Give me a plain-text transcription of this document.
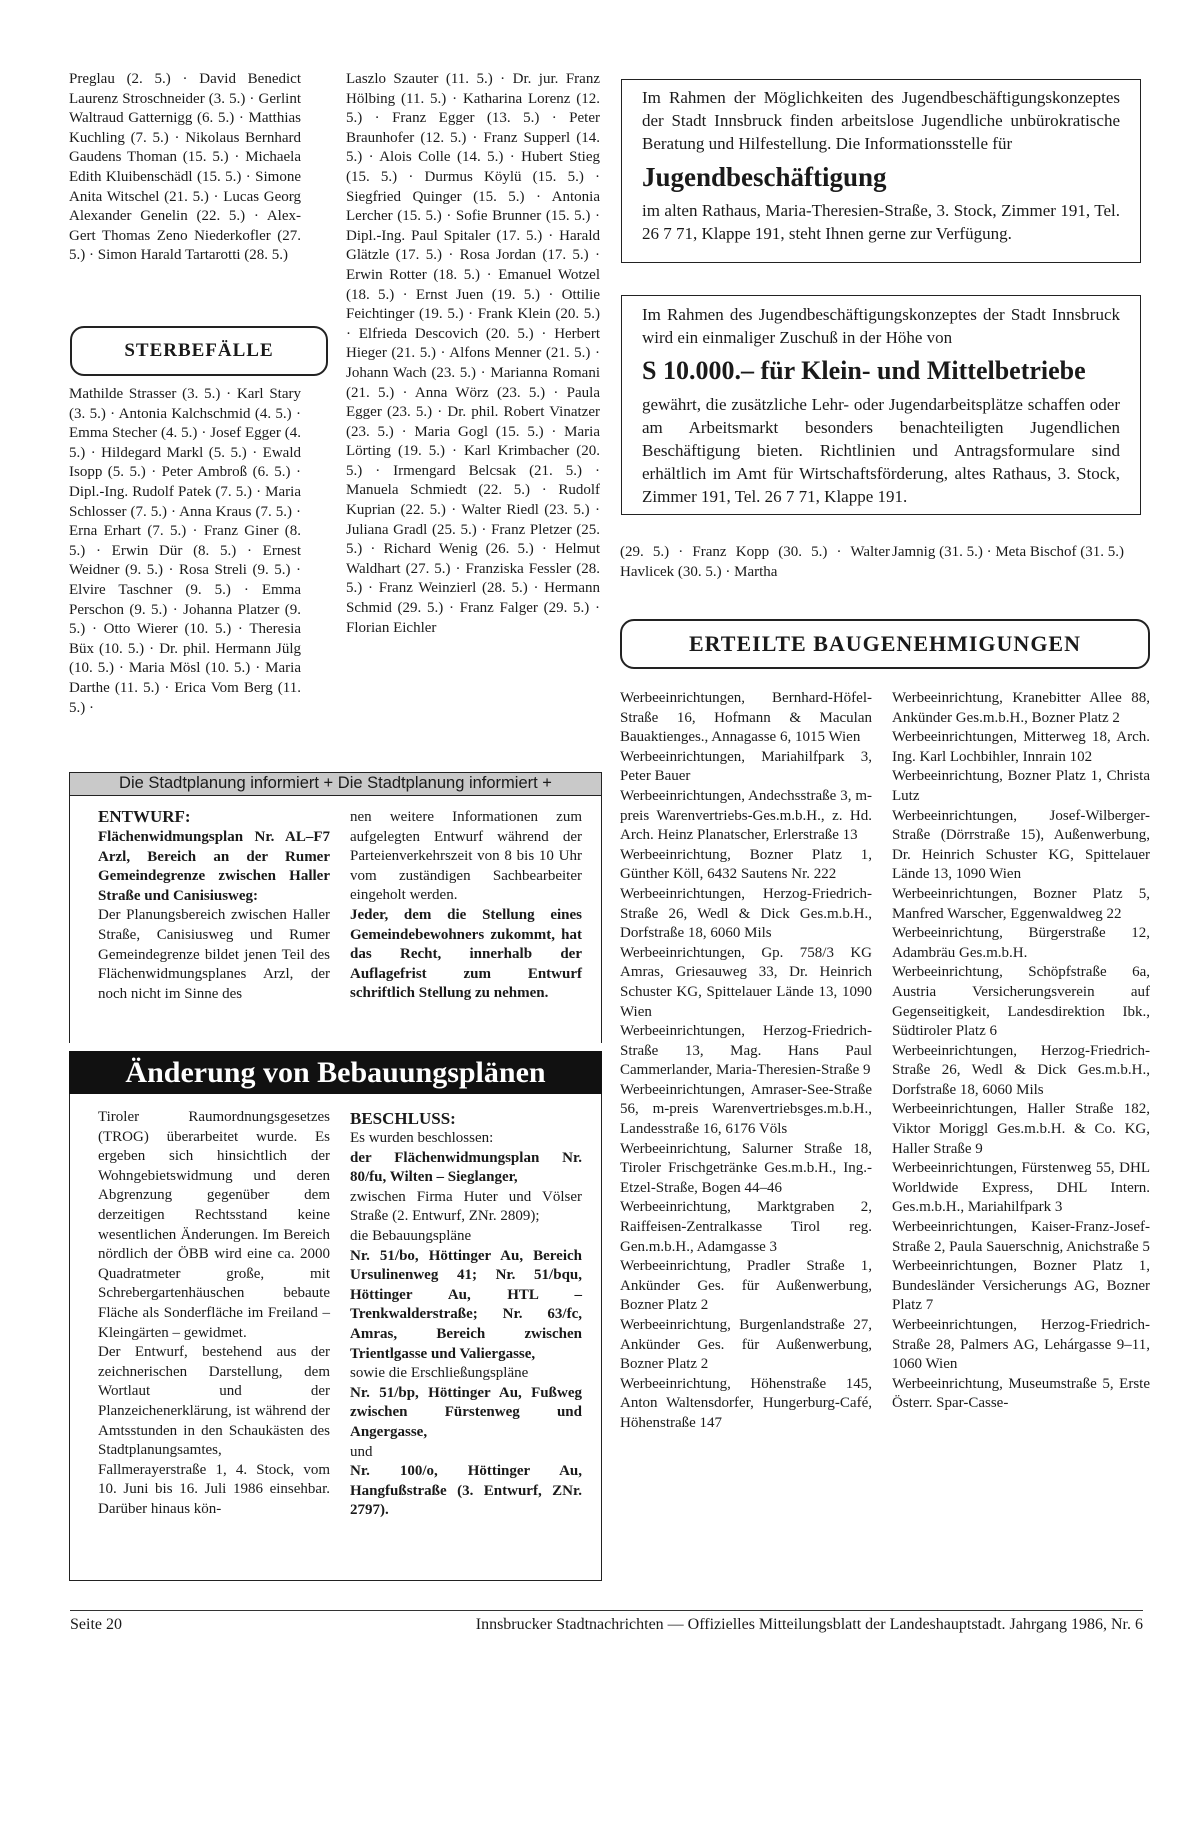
Preglau (2. 5.) · David Benedict Laurenz Stroschneider (3. 5.) · Gerlint Waltraud Gatternigg (6. 5.) · Matthias Kuchling (7. 5.) · Nikolaus Bernhard Gaudens Thoman (15. 5.) · Michaela Edith Kluibenschädl (15. 5.) · Simone Anita Witschel (21. 5.) · Lucas Georg Alexander Genelin (22. 5.) · Alex-Gert Thomas Zeno Niederkofler (27. 5.) · Simon Harald Tartarotti (28. 5.)

STERBEFÄLLE

Mathilde Strasser (3. 5.) · Karl Stary (3. 5.) · Antonia Kalchschmid (4. 5.) · Emma Stecher (4. 5.) · Josef Egger (4. 5.) · Hildegard Markl (5. 5.) · Ewald Isopp (5. 5.) · Peter Ambroß (6. 5.) · Dipl.-Ing. Rudolf Patek (7. 5.) · Maria Schlosser (7. 5.) · Anna Kraus (7. 5.) · Erna Erhart (7. 5.) · Franz Giner (8. 5.) · Erwin Dür (8. 5.) · Ernest Weidner (9. 5.) · Rosa Streli (9. 5.) · Elvire Taschner (9. 5.) · Emma Perschon (9. 5.) · Johanna Platzer (9. 5.) · Otto Wierer (10. 5.) · Theresia Büx (10. 5.) · Dr. phil. Hermann Jülg (10. 5.) · Maria Mösl (10. 5.) · Maria Darthe (11. 5.) · Erica Vom Berg (11. 5.) ·

Laszlo Szauter (11. 5.) · Dr. jur. Franz Hölbing (11. 5.) · Katharina Lorenz (12. 5.) · Franz Egger (13. 5.) · Peter Braunhofer (12. 5.) · Franz Supperl (14. 5.) · Alois Colle (14. 5.) · Hubert Stieg (15. 5.) · Durmus Köylü (15. 5.) · Siegfried Quinger (15. 5.) · Antonia Lercher (15. 5.) · Sofie Brunner (15. 5.) · Dipl.-Ing. Paul Spitaler (17. 5.) · Harald Glätzle (17. 5.) · Rosa Jordan (17. 5.) · Erwin Rotter (18. 5.) · Emanuel Wotzel (18. 5.) · Ernst Juen (19. 5.) · Ottilie Feichtinger (19. 5.) · Frank Klein (20. 5.) · Elfrieda Descovich (20. 5.) · Herbert Hieger (21. 5.) · Alfons Menner (21. 5.) · Johann Wach (23. 5.) · Marianna Romani (21. 5.) · Anna Wörz (23. 5.) · Paula Egger (23. 5.) · Dr. phil. Robert Vinatzer (23. 5.) · Maria Gogl (15. 5.) · Maria Lörting (19. 5.) · Karl Krimbacher (20. 5.) · Irmengard Belcsak (21. 5.) · Manuela Schmiedt (22. 5.) · Rudolf Kuprian (22. 5.) · Walter Riedl (23. 5.) · Juliana Gradl (25. 5.) · Franz Pletzer (25. 5.) · Richard Wenig (26. 5.) · Helmut Waldhart (27. 5.) · Franziska Fessler (28. 5.) · Franz Weinzierl (28. 5.) · Hermann Schmid (29. 5.) · Franz Falger (29. 5.) · Florian Eichler

Im Rahmen der Möglichkeiten des Jugendbeschäftigungskonzeptes der Stadt Innsbruck finden arbeitslose Jugendliche unbürokratische Beratung und Hilfestellung. Die Informationsstelle für

Jugendbeschäftigung

im alten Rathaus, Maria-Theresien-Straße, 3. Stock, Zimmer 191, Tel. 26 7 71, Klappe 191, steht Ihnen gerne zur Verfügung.

Im Rahmen des Jugendbeschäftigungskonzeptes der Stadt Innsbruck wird ein einmaliger Zuschuß in der Höhe von

S 10.000.– für Klein- und Mittelbetriebe

gewährt, die zusätzliche Lehr- oder Jugendarbeitsplätze schaffen oder am Arbeitsmarkt besonders benachteiligten Jugendlichen Beschäftigung bieten. Richtlinien und Antragsformulare sind erhältlich im Amt für Wirtschaftsförderung, altes Rathaus, 3. Stock, Zimmer 191, Tel. 26 7 71, Klappe 191.

(29. 5.) · Franz Kopp (30. 5.) · Walter Havlicek (30. 5.) · Martha

Jamnig (31. 5.) · Meta Bischof (31. 5.)

ERTEILTE BAUGENEHMIGUNGEN

Werbeeinrichtungen, Bernhard-Höfel-Straße 16, Hofmann & Maculan Bauaktienges., Annagasse 6, 1015 Wien

Werbeeinrichtungen, Mariahilfpark 3, Peter Bauer

Werbeeinrichtungen, Andechsstraße 3, m-preis Warenvertriebs-Ges.m.b.H., z. Hd. Arch. Heinz Planatscher, Erlerstraße 13

Werbeeinrichtung, Bozner Platz 1, Günther Köll, 6432 Sautens Nr. 222

Werbeeinrichtungen, Herzog-Friedrich-Straße 26, Wedl & Dick Ges.m.b.H., Dorfstraße 18, 6060 Mils

Werbeeinrichtungen, Gp. 758/3 KG Amras, Griesauweg 33, Dr. Heinrich Schuster KG, Spittelauer Lände 13, 1090 Wien

Werbeeinrichtungen, Herzog-Friedrich-Straße 13, Mag. Hans Paul Cammerlander, Maria-Theresien-Straße 9

Werbeeinrichtungen, Amraser-See-Straße 56, m-preis Warenvertriebsges.m.b.H., Landesstraße 16, 6176 Völs

Werbeeinrichtung, Salurner Straße 18, Tiroler Frischgetränke Ges.m.b.H., Ing.-Etzel-Straße, Bogen 44–46

Werbeeinrichtung, Marktgraben 2, Raiffeisen-Zentralkasse Tirol reg. Gen.m.b.H., Adamgasse 3

Werbeeinrichtung, Pradler Straße 1, Ankünder Ges. für Außenwerbung, Bozner Platz 2

Werbeeinrichtung, Burgenlandstraße 27, Ankünder Ges. für Außenwerbung, Bozner Platz 2

Werbeeinrichtung, Höhenstraße 145, Anton Waltensdorfer, Hungerburg-Café, Höhenstraße 147

Werbeeinrichtung, Kranebitter Allee 88, Ankünder Ges.m.b.H., Bozner Platz 2

Werbeeinrichtungen, Mitterweg 18, Arch. Ing. Karl Lochbihler, Innrain 102

Werbeeinrichtung, Bozner Platz 1, Christa Lutz

Werbeeinrichtungen, Josef-Wilberger-Straße (Dörrstraße 15), Außenwerbung, Dr. Heinrich Schuster KG, Spittelauer Lände 13, 1090 Wien

Werbeeinrichtungen, Bozner Platz 5, Manfred Warscher, Eggenwaldweg 22

Werbeeinrichtung, Bürgerstraße 12, Adambräu Ges.m.b.H.

Werbeeinrichtung, Schöpfstraße 6a, Austria Versicherungsverein auf Gegenseitigkeit, Landesdirektion Ibk., Südtiroler Platz 6

Werbeeinrichtungen, Herzog-Friedrich-Straße 26, Wedl & Dick Ges.m.b.H., Dorfstraße 18, 6060 Mils

Werbeeinrichtungen, Haller Straße 182, Viktor Moriggl Ges.m.b.H. & Co. KG, Haller Straße 9

Werbeeinrichtungen, Fürstenweg 55, DHL Worldwide Express, DHL Intern. Ges.m.b.H., Mariahilfpark 3

Werbeeinrichtungen, Kaiser-Franz-Josef-Straße 2, Paula Sauerschnig, Anichstraße 5

Werbeeinrichtungen, Bozner Platz 1, Bundesländer Versicherungs AG, Bozner Platz 7

Werbeeinrichtungen, Herzog-Friedrich-Straße 28, Palmers AG, Lehárgasse 9–11, 1060 Wien

Werbeeinrichtung, Museumstraße 5, Erste Österr. Spar-Casse-

Die Stadtplanung informiert + Die Stadtplanung informiert +

ENTWURF:

Flächenwidmungsplan Nr. AL–F7 Arzl, Bereich an der Rumer Gemeindegrenze zwischen Haller Straße und Canisiusweg:

Der Planungsbereich zwischen Haller Straße, Canisiusweg und Rumer Gemeindegrenze bildet jenen Teil des Flächenwidmungsplanes Arzl, der noch nicht im Sinne des

nen weitere Informationen zum aufgelegten Entwurf während der Parteienverkehrszeit von 8 bis 10 Uhr vom zuständigen Sachbearbeiter eingeholt werden.

Jeder, dem die Stellung eines Gemeindebewohners zukommt, hat das Recht, innerhalb der Auflagefrist zum Entwurf schriftlich Stellung zu nehmen.

Änderung von Bebauungsplänen

Tiroler Raumordnungsgesetzes (TROG) überarbeitet wurde. Es ergeben sich hinsichtlich der Wohngebietswidmung und deren Abgrenzung gegenüber dem derzeitigen Rechtsstand keine wesentlichen Änderungen. Im Bereich nördlich der ÖBB wird eine ca. 2000 Quadratmeter große, mit Schrebergartenhäuschen bebaute Fläche als Sonderfläche im Freiland – Kleingärten – gewidmet.

Der Entwurf, bestehend aus der zeichnerischen Darstellung, dem Wortlaut und der Planzeichenerklärung, ist während der Amtsstunden in den Schaukästen des Stadtplanungsamtes, Fallmerayerstraße 1, 4. Stock, vom 10. Juni bis 16. Juli 1986 einsehbar. Darüber hinaus kön-

BESCHLUSS:

Es wurden beschlossen:

der Flächenwidmungsplan Nr. 80/fu, Wilten – Sieglanger,

zwischen Firma Huter und Völser Straße (2. Entwurf, ZNr. 2809);

die Bebauungspläne

Nr. 51/bo, Höttinger Au, Bereich Ursulinenweg 41; Nr. 51/bqu, Höttinger Au, HTL – Trenkwalderstraße; Nr. 63/fc, Amras, Bereich zwischen Trientlgasse und Valiergasse,

sowie die Erschließungspläne

Nr. 51/bp, Höttinger Au, Fußweg zwischen Fürstenweg und Angergasse,

und

Nr. 100/o, Höttinger Au, Hangfußstraße (3. Entwurf, ZNr. 2797).

Seite 20	Innsbrucker Stadtnachrichten — Offizielles Mitteilungsblatt der Landeshauptstadt. Jahrgang 1986, Nr. 6
